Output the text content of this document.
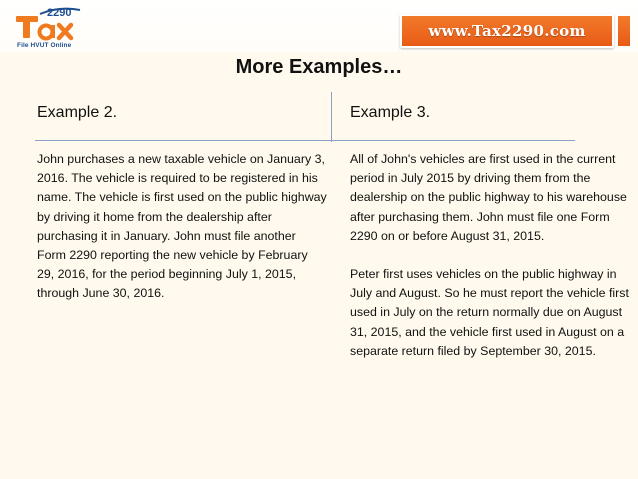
2290
File HVUT Online
www.Tax2290.com
More Examples…
Example 2.	Example 3.

John purchases a new taxable vehicle on January 3, 2016. The vehicle is required to be registered in his name. The vehicle is first used on the public highway by driving it home from the dealership after purchasing it in January. John must file another Form 2290 reporting the new vehicle by February 29, 2016, for the period beginning July 1, 2015, through June 30, 2016.

All of John's vehicles are first used in the current period in July 2015 by driving them from the dealership on the public highway to his warehouse after purchasing them. John must file one Form 2290 on or before August 31, 2015.

Peter first uses vehicles on the public highway in July and August. So he must report the vehicle first used in July on the return normally due on August 31, 2015, and the vehicle first used in August on a separate return filed by September 30, 2015.
